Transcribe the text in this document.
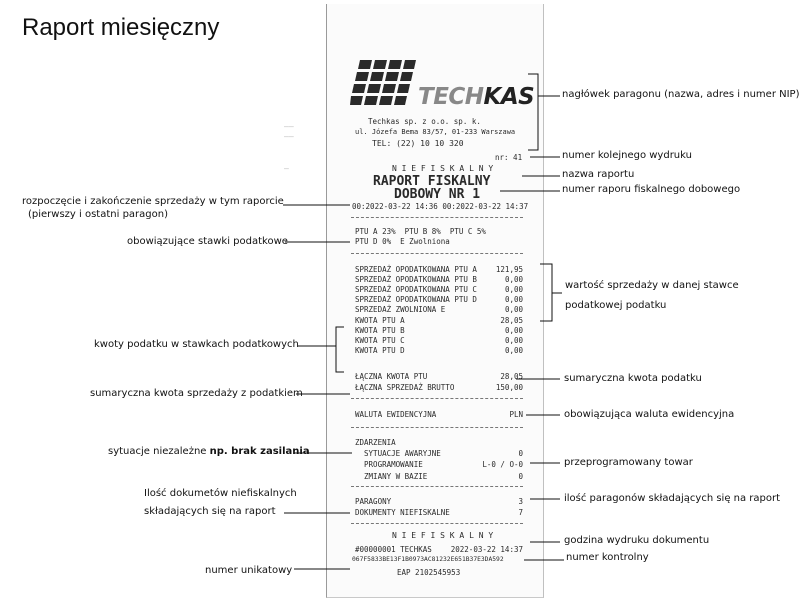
Raport miesięczny
TECHKAS
––
––

–
Techkas sp. z o.o. sp. k.
ul. Józefa Bema 83/57, 01-233 Warszawa
TEL: (22) 10 10 320
nr: 41
N I E F I S K A L N Y
RAPORT FISKALNY
DOBOWY NR 1
00:2022-03-22 14:36 00:2022-03-22 14:37
PTU A 23% PTU B 8% PTU C 5%
PTU D 0% E Zwolniona
SPRZEDAŻ OPODATKOWANA PTU A	121,95
SPRZEDAŻ OPODATKOWANA PTU B	0,00
SPRZEDAŻ OPODATKOWANA PTU C	0,00
SPRZEDAŻ OPODATKOWANA PTU D	0,00
SPRZEDAŻ ZWOLNIONA E	0,00
KWOTA PTU A	28,05
KWOTA PTU B	0,00
KWOTA PTU C	0,00
KWOTA PTU D	0,00
ŁĄCZNA KWOTA PTU	28,05
ŁĄCZNA SPRZEDAŻ BRUTTO	150,00
WALUTA EWIDENCYJNA	PLN
ZDARZENIA
SYTUACJE AWARYJNE	0
PROGRAMOWANIE	L-0 / O-0
ZMIANY W BAZIE	0
PARAGONY	3
DOKUMENTY NIEFISKALNE	7
N I E F I S K A L N Y
#00000001 TECHKAS	2022-03-22 14:37
067F5833BE13F1B0973AC81232E651B37E3DA592
EAP 2102545953
nagłówek paragonu (nazwa, adres i numer NIP)
numer kolejnego wydruku
nazwa raportu
numer raporu fiskalnego dobowego
rozpoczęcie i zakończenie sprzedaży w tym raporcie
(pierwszy i ostatni paragon)
obowiązujące stawki podatkowe
wartość sprzedaży w danej stawce
podatkowej podatku
kwoty podatku w stawkach podatkowych
sumaryczna kwota podatku
sumaryczna kwota sprzedaży z podatkiem
obowiązująca waluta ewidencyjna
sytuacje niezależne np. brak zasilania
przeprogramowany towar
Ilość dokumetów niefiskalnych
składających się na raport
ilość paragonów składających się na raport
godzina wydruku dokumentu
numer kontrolny
numer unikatowy
